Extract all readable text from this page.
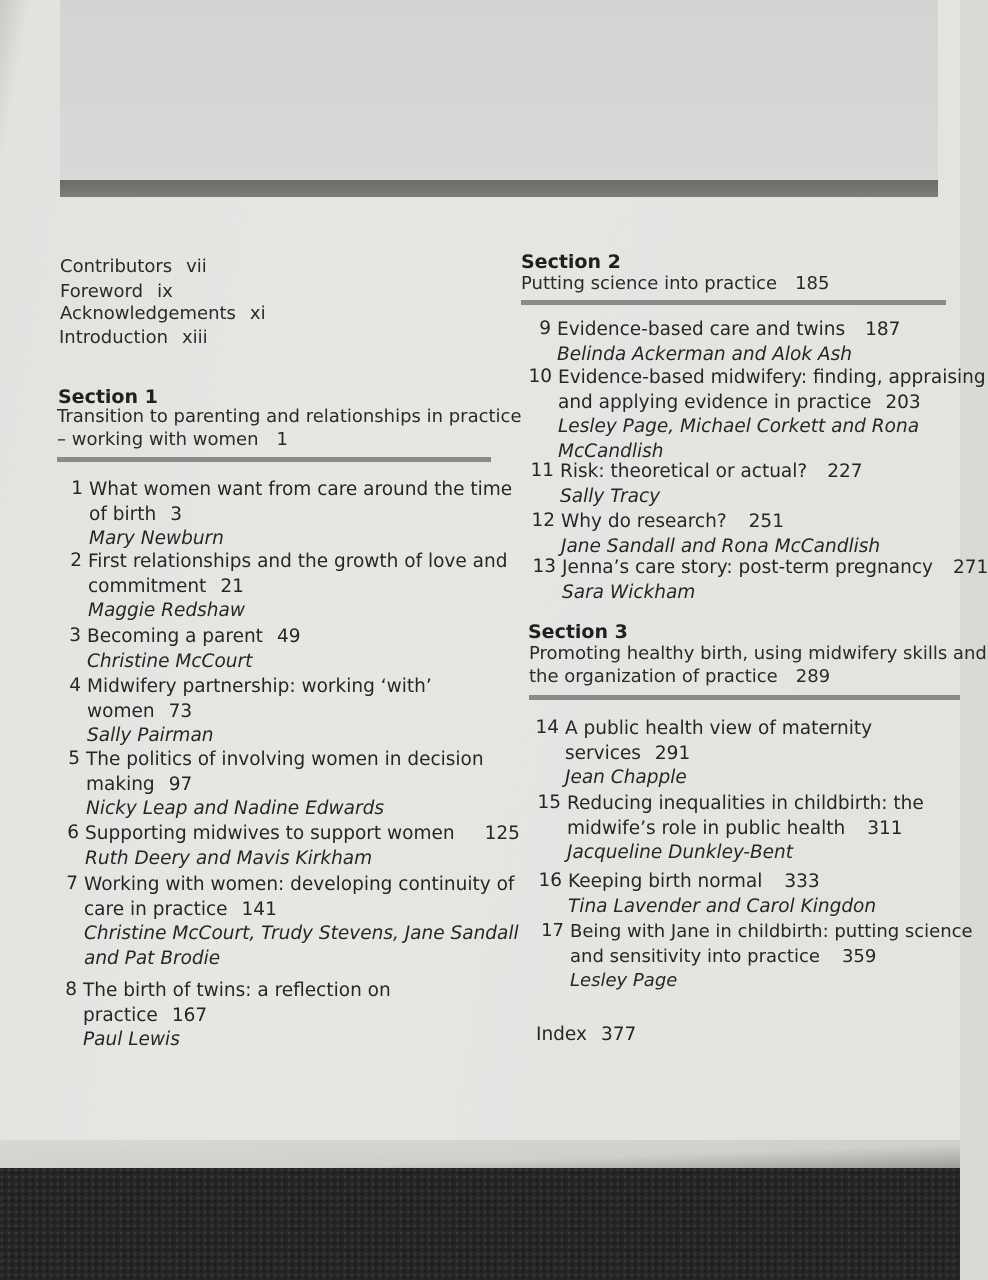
Contributors vii
Foreword ix
Acknowledgements xi
Introduction xiii
Section 1
Transition to parenting and relationships in practice
– working with women 1
1 What women want from care around the time
of birth 3
Mary Newburn
2 First relationships and the growth of love and
commitment 21
Maggie Redshaw
3 Becoming a parent 49
Christine McCourt
4 Midwifery partnership: working ‘with’
women 73
Sally Pairman
5 The politics of involving women in decision
making 97
Nicky Leap and Nadine Edwards
6 Supporting midwives to support women 125
Ruth Deery and Mavis Kirkham
7 Working with women: developing continuity of
care in practice 141
Christine McCourt, Trudy Stevens, Jane Sandall
and Pat Brodie
8 The birth of twins: a reflection on
practice 167
Paul Lewis
Section 2
Putting science into practice 185
9 Evidence-based care and twins 187
Belinda Ackerman and Alok Ash
10 Evidence-based midwifery: finding, appraising
and applying evidence in practice 203
Lesley Page, Michael Corkett and Rona
McCandlish
11 Risk: theoretical or actual? 227
Sally Tracy
12 Why do research? 251
Jane Sandall and Rona McCandlish
13 Jenna’s care story: post-term pregnancy 271
Sara Wickham
Section 3
Promoting healthy birth, using midwifery skills and
the organization of practice 289
14 A public health view of maternity
services 291
Jean Chapple
15 Reducing inequalities in childbirth: the
midwife’s role in public health 311
Jacqueline Dunkley-Bent
16 Keeping birth normal 333
Tina Lavender and Carol Kingdon
17 Being with Jane in childbirth: putting science
and sensitivity into practice 359
Lesley Page
Index 377
